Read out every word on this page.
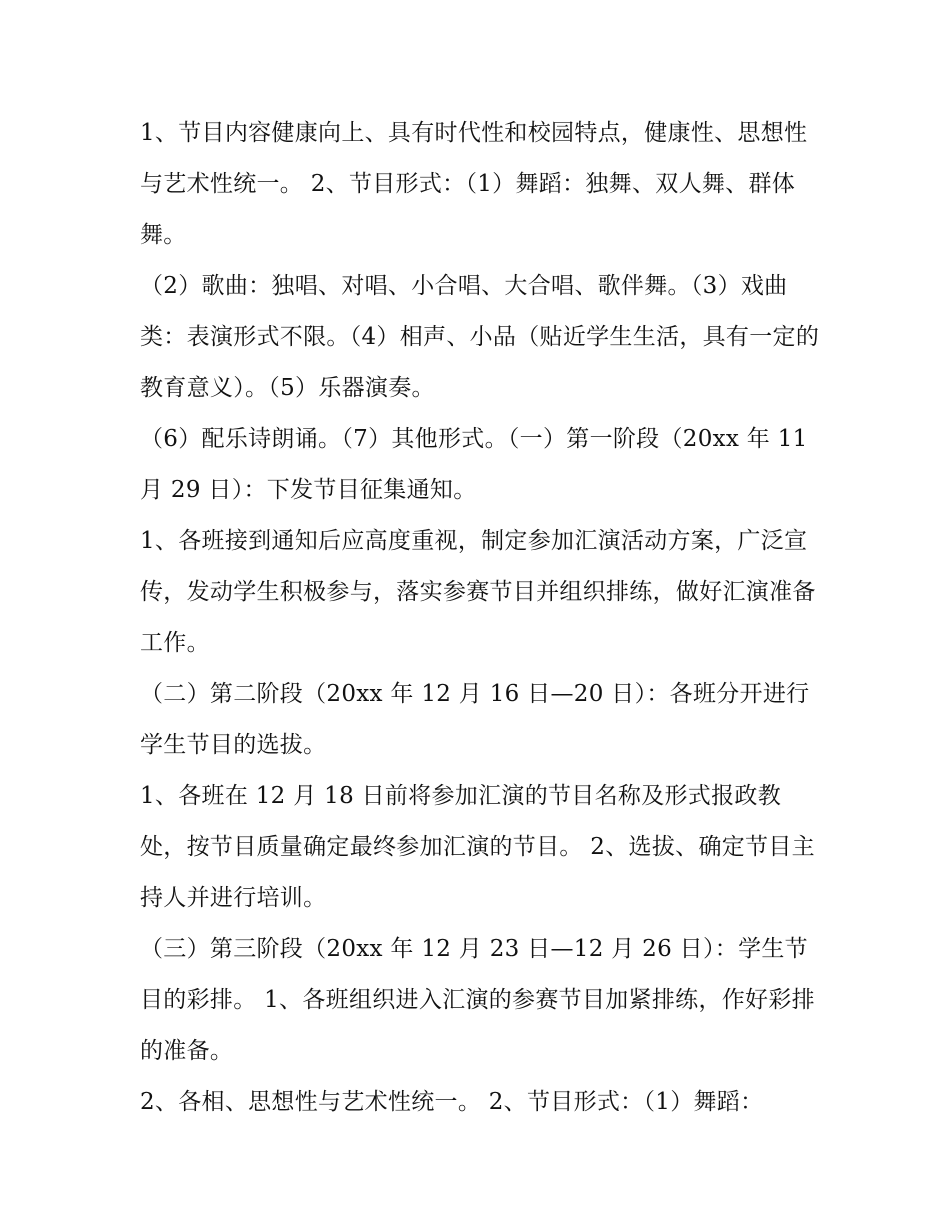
1、节目内容健康向上、具有时代性和校园特点，健康性、思想性与艺术性统一。 2、节目形式：（1）舞蹈：独舞、双人舞、群体舞。

（2）歌曲：独唱、对唱、小合唱、大合唱、歌伴舞。（3）戏曲类：表演形式不限。（4）相声、小品（贴近学生生活，具有一定的教育意义）。（5）乐器演奏。

（6）配乐诗朗诵。（7）其他形式。（一）第一阶段（20xx 年 11 月 29 日）：下发节目征集通知。

1、各班接到通知后应高度重视，制定参加汇演活动方案，广泛宣传，发动学生积极参与，落实参赛节目并组织排练，做好汇演准备工作。

（二）第二阶段（20xx 年 12 月 16 日—20 日）：各班分开进行学生节目的选拔。

1、各班在 12 月 18 日前将参加汇演的节目名称及形式报政教处，按节目质量确定最终参加汇演的节目。 2、选拔、确定节目主持人并进行培训。

（三）第三阶段（20xx 年 12 月 23 日—12 月 26 日）：学生节目的彩排。 1、各班组织进入汇演的参赛节目加紧排练，作好彩排的准备。

2、各相、思想性与艺术性统一。 2、节目形式：（1）舞蹈：
